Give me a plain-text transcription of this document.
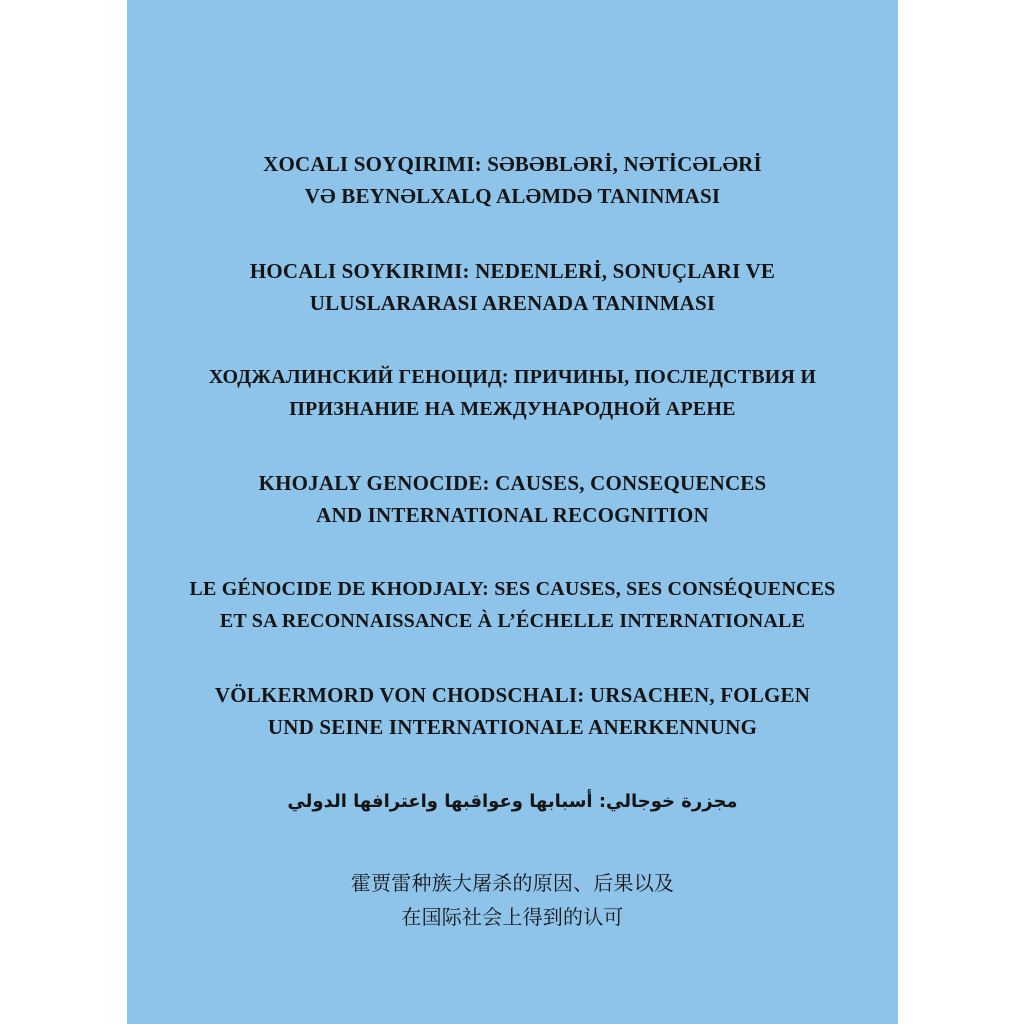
XOCALI SOYQIRIMI: SƏBƏBLƏRİ, NƏTİCƏLƏRİ
VƏ BEYNƏLXALQ ALƏMDƏ TANINMASI
HOCALI SOYKIRIMI: NEDENLERİ, SONUÇLARI VE
ULUSLARARASI ARENADA TANINMASI
ХОДЖАЛИНСКИЙ ГЕНОЦИД: ПРИЧИНЫ, ПОСЛЕДСТВИЯ И
ПРИЗНАНИЕ НА МЕЖДУНАРОДНОЙ АРЕНЕ
KHOJALY GENOCIDE: CAUSES, CONSEQUENCES
AND INTERNATIONAL RECOGNITION
LE GÉNOCIDE DE KHODJALY: SES CAUSES, SES CONSÉQUENCES
ET SA RECONNAISSANCE À L’ÉCHELLE INTERNATIONALE
VÖLKERMORD VON CHODSCHALI: URSACHEN, FOLGEN
UND SEINE INTERNATIONALE ANERKENNUNG
مجزرة خوجالي: أسبابها وعواقبها واعترافها الدولي
霍贾雷种族大屠杀的原因、后果以及
在国际社会上得到的认可
